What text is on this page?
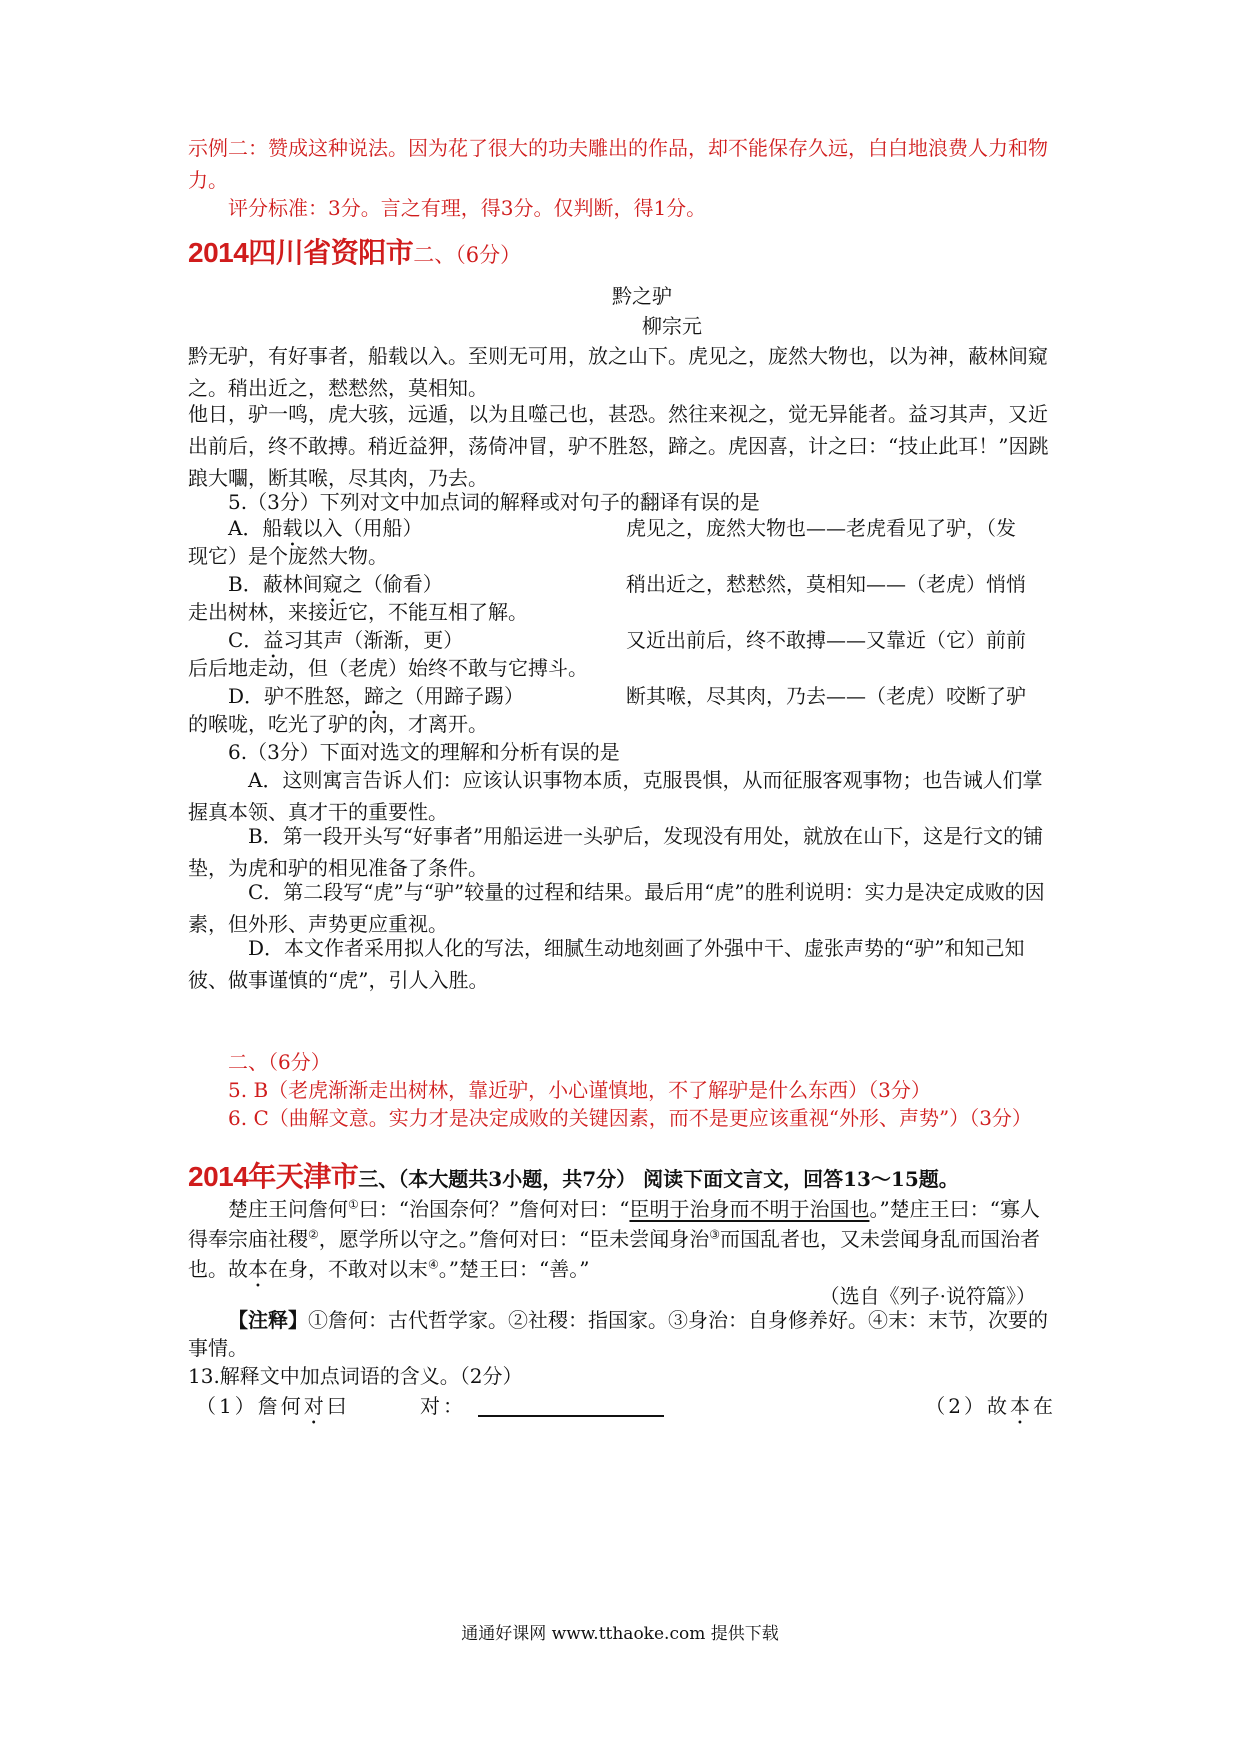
示例二：赞成这种说法。因为花了很大的功夫雕出的作品，却不能保存久远，白白地浪费人力和物力。

评分标准：3分。言之有理，得3分。仅判断，得1分。

2014四川省资阳市二、（6分）

黔之驴

柳宗元

黔无驴，有好事者，船载以入。至则无可用，放之山下。虎见之，庞然大物也，以为神，蔽林间窥之。稍出近之，慭慭然，莫相知。

他日，驴一鸣，虎大骇，远遁，以为且噬己也，甚恐。然往来视之，觉无异能者。益习其声，又近出前后，终不敢搏。稍近益狎，荡倚冲冒，驴不胜怒，蹄之。虎因喜，计之曰：“技止此耳！”因跳踉大㘚，断其喉，尽其肉，乃去。

5.（3分）下列对文中加点词的解释或对句子的翻译有误的是

A．船载以入（用船）	虎见之，庞然大物也——老虎看见了驴，（发

现它）是个庞然大物。

B．蔽林间窥之（偷看）	稍出近之，慭慭然，莫相知——（老虎）悄悄

走出树林，来接近它，不能互相了解。

C．益习其声（渐渐，更）	又近出前后，终不敢搏——又靠近（它）前前

后后地走动，但（老虎）始终不敢与它搏斗。

D．驴不胜怒，蹄之（用蹄子踢）	断其喉，尽其肉，乃去——（老虎）咬断了驴

的喉咙，吃光了驴的肉，才离开。

6.（3分）下面对选文的理解和分析有误的是

A．这则寓言告诉人们：应该认识事物本质，克服畏惧，从而征服客观事物；也告诫人们掌握真本领、真才干的重要性。

B．第一段开头写“好事者”用船运进一头驴后，发现没有用处，就放在山下，这是行文的铺垫，为虎和驴的相见准备了条件。

C．第二段写“虎”与“驴”较量的过程和结果。最后用“虎”的胜利说明：实力是决定成败的因素，但外形、声势更应重视。

D．本文作者采用拟人化的写法，细腻生动地刻画了外强中干、虚张声势的“驴”和知己知彼、做事谨慎的“虎”，引人入胜。

二、（6分）

5. B（老虎渐渐走出树林，靠近驴，小心谨慎地，不了解驴是什么东西）（3分）

6. C（曲解文意。实力才是决定成败的关键因素，而不是更应该重视“外形、声势”）（3分）

2014年天津市三、（本大题共3小题，共7分） 阅读下面文言文，回答13～15题。

楚庄王问詹何①曰：“治国奈何？”詹何对曰：“臣明于治身而不明于治国也。”楚庄王曰：“寡人得奉宗庙社稷②，愿学所以守之。”詹何对曰：“臣未尝闻身治③而国乱者也，又未尝闻身乱而国治者也。故本在身，不敢对以末④。”楚王曰：“善。”

（选自《列子·说符篇》）

【注释】①詹何：古代哲学家。②社稷：指国家。③身治：自身修养好。④末：末节，次要的事情。

13.解释文中加点词语的含义。（2分）

（1）詹何对曰	对：	（2）故本在
通通好课网 www.tthaoke.com 提供下载
